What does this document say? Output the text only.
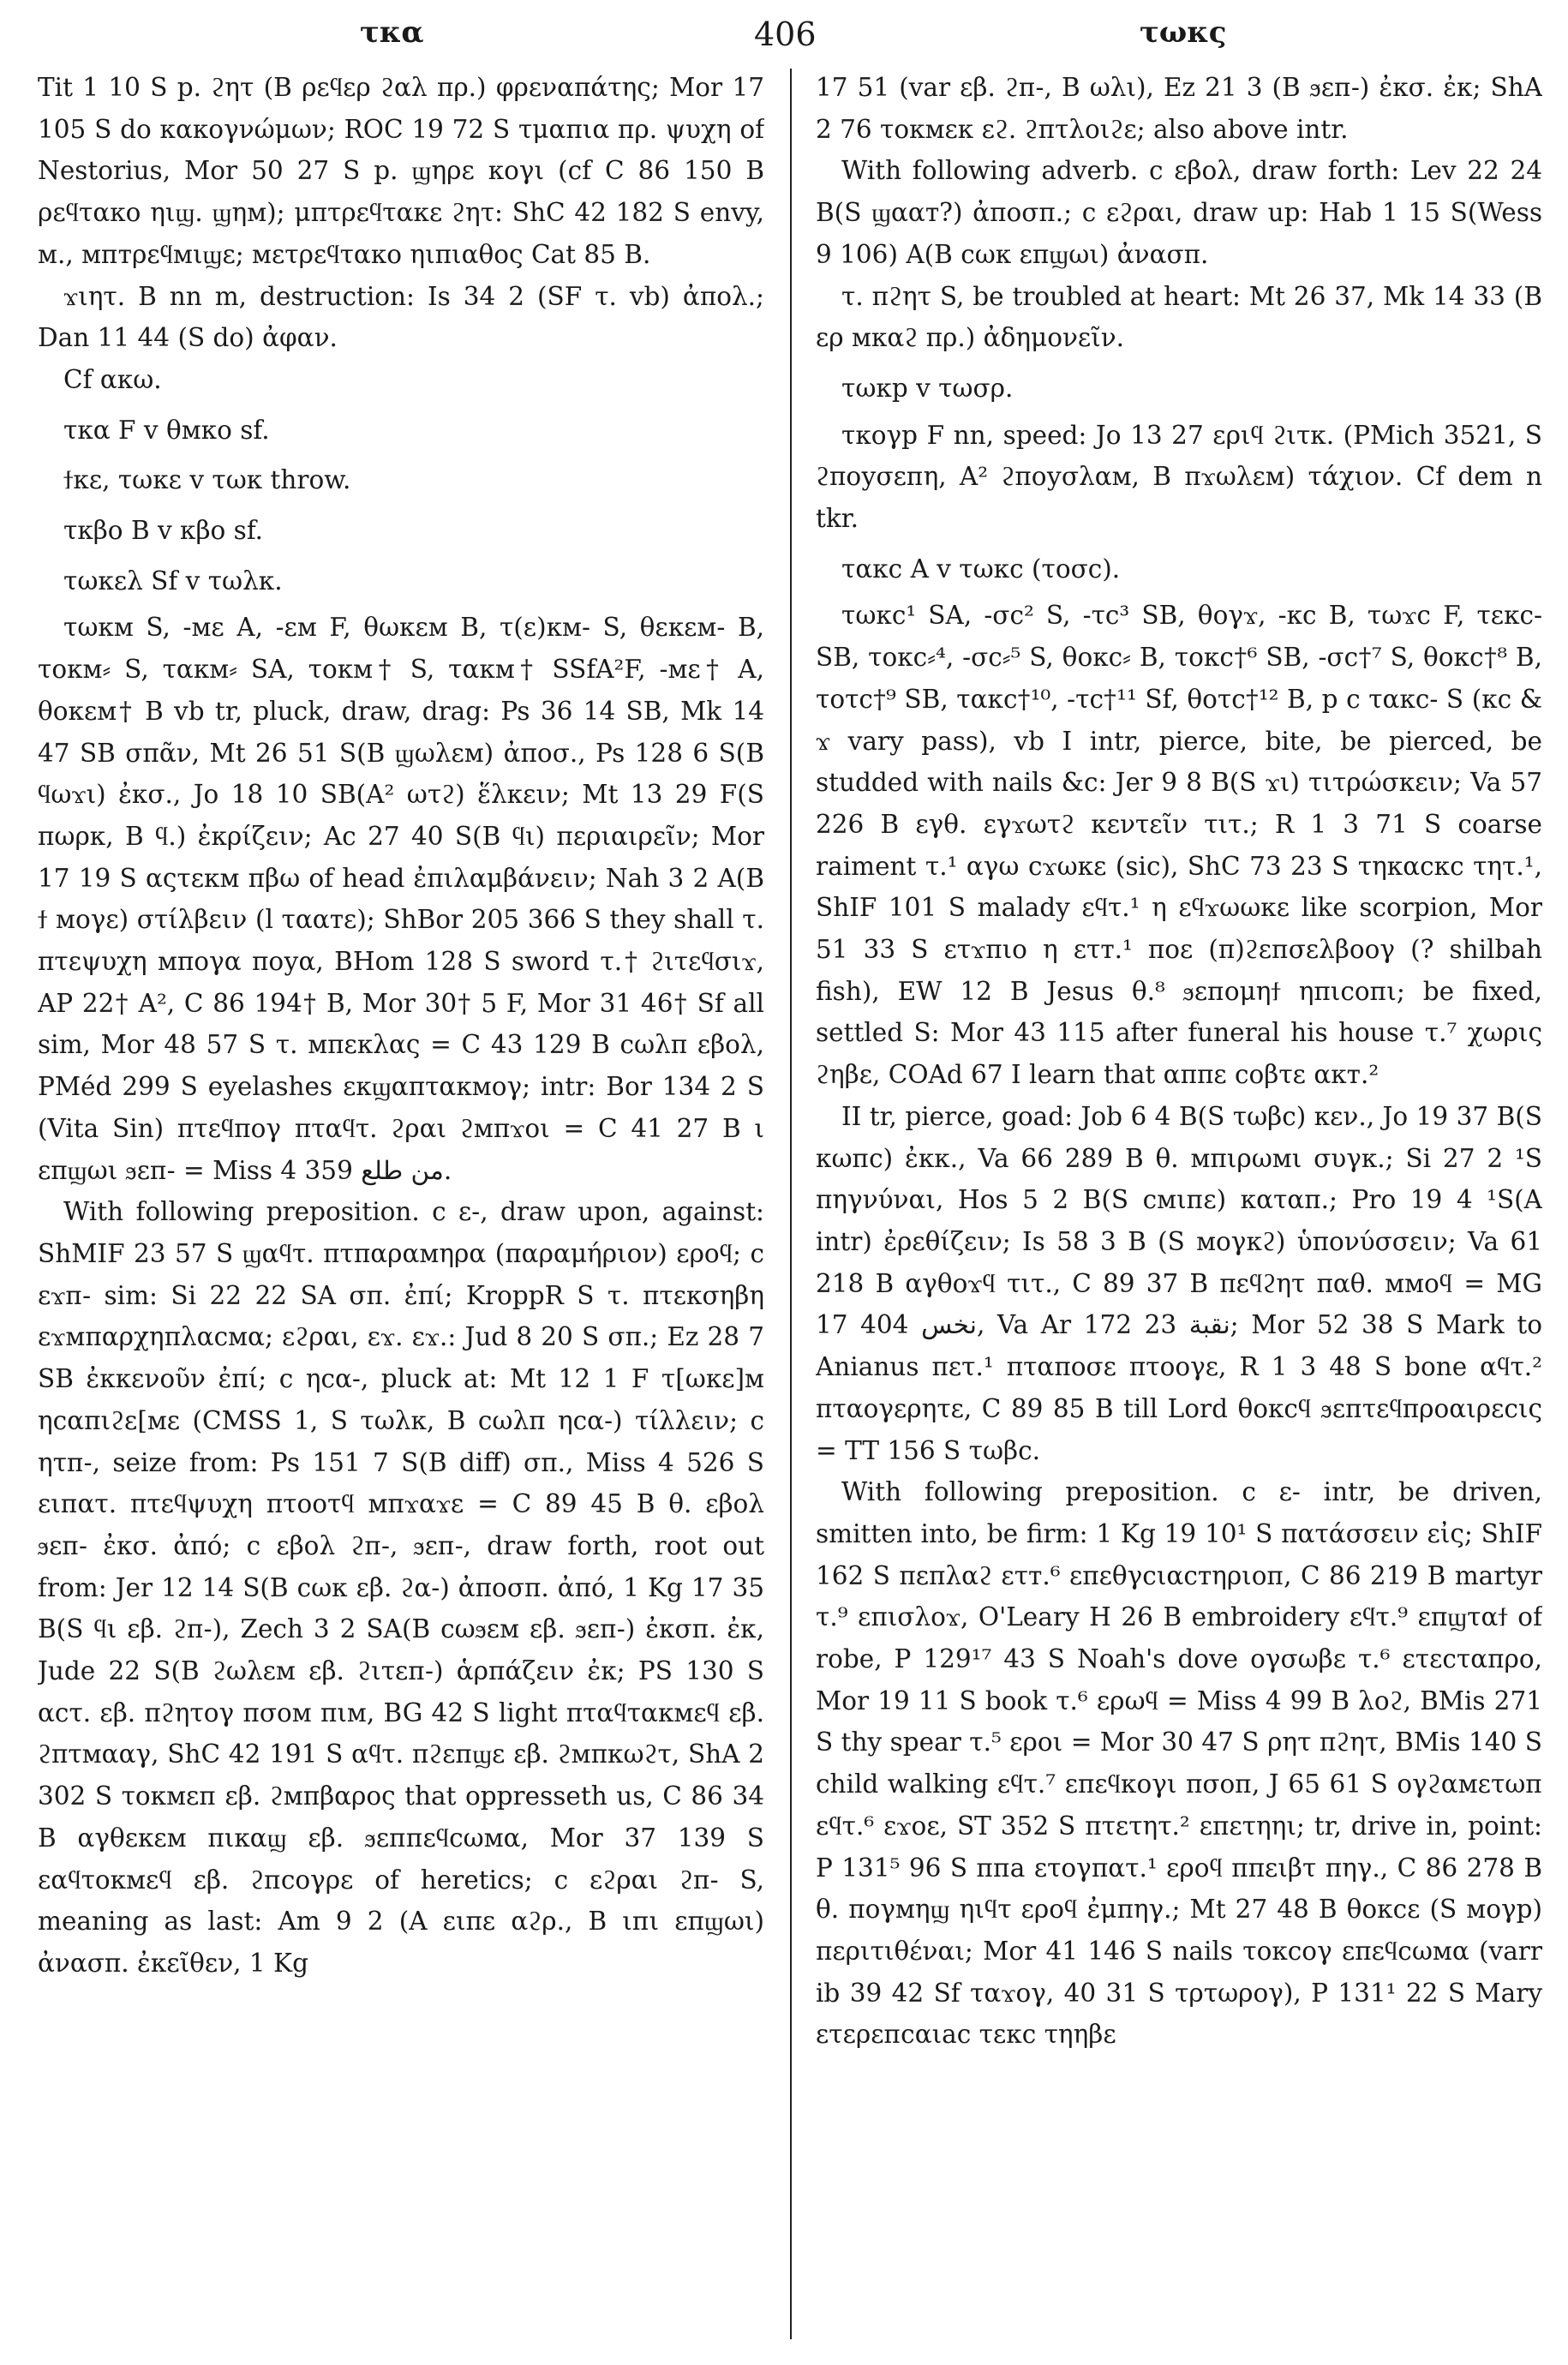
τκα	406	τωκς

Tit 1 10 S p. ϩητ (B ρεϥερ ϩαλ πρ.) φρεναπάτης; Mor 17 105 S do κακογνώμων; ROC 19 72 S τμαπια πρ. ψυχη of Nestorius, Mor 50 27 S p. ϣηρε κογι (cf C 86 150 B ρεϥτακο ηιϣ. ϣηм); μπτρεϥτακε ϩητ: ShC 42 182 S envy, м., мптρεϥмιϣε; мετρεϥτακο ηιπιαθος Cat 85 B.

ϫιητ. B nn m, destruction: Is 34 2 (SF τ. vb) ἀπολ.; Dan 11 44 (S do) ἀφαν.

Cf ακω.

τκα F v θмκο sf.

ϯκε, τωκε v τωκ throw.

τκβο B v κβο sf.

τωκελ Sf v τωλκ.

τωκм S, -мε A, -εм F, θωκεм B, τ(ε)κм- S, θεκεм- B, τοκм⸗ S, τακм⸗ SA, τοκм† S, τακм† SSfA²F, -мε† A, θοκεм† B vb tr, pluck, draw, drag: Ps 36 14 SB, Mk 14 47 SB σπᾶν, Mt 26 51 S(B ϣωλεм) ἀποσ., Ps 128 6 S(B ϥωϫι) ἐκσ., Jo 18 10 SB(A² ωτϩ) ἕλκειν; Mt 13 29 F(S πωρκ, B ϥ.) ἐκρίζειν; Ac 27 40 S(B ϥι) περιαιρεῖν; Mor 17 19 S αςτεκм πβω of head ἐπιλαμβάνειν; Nah 3 2 A(B ϯ мογε) στίλβειν (l τααтε); ShBor 205 366 S they shall τ. πτεψυχη мπογα ποуα, BHom 128 S sword τ.† ϩιτεϥσιϫ, AP 22† A², C 86 194† B, Mor 30† 5 F, Mor 31 46† Sf all sim, Mor 48 57 S τ. мπεκλας = C 43 129 B ϲωλπ εβολ, PMéd 299 S eyelashes εκϣαπτακмογ; intr: Bor 134 2 S (Vita Sin) πτεϥπογ πταϥτ. ϩραι ϩмπϫοι = C 41 27 B ι επϣωι ϧεп- = Miss 4 359 من طلع.

With following preposition. c ε-, draw upon, against: ShMIF 23 57 S ϣαϥτ. πτπαραмηρα (παραμήριον) εροϥ; c εϫп- sim: Si 22 22 SA σπ. ἐπί; KroppR S τ. πτεκσηβη εϫмπαρχηπλαсмα; εϩραι, εϫ. εϫ.: Jud 8 20 S σπ.; Ez 28 7 SB ἐκκενοῦν ἐπί; c ηсα-, pluck at: Mt 12 1 F τ[ωκε]м ηсαπιϩε[мε (CMSS 1, S τωλκ, B ϲωλπ ηсα-) τίλλειν; c ητп-, seize from: Ps 151 7 S(B diff) σπ., Miss 4 526 S ειпατ. πτεϥψυχη πτοοτϥ мπϫαϫε = C 89 45 B θ. εβολ ϧεп- ἐκσ. ἀπό; c εβολ ϩп-, ϧεп-, draw forth, root out from: Jer 12 14 S(B ϲωκ εβ. ϩα-) ἀποσπ. ἀπό, 1 Kg 17 35 B(S ϥι εβ. ϩп-), Zech 3 2 SA(B ϲωϧεм εβ. ϧεп-) ἐκσπ. ἐκ, Jude 22 S(B ϩωλεм εβ. ϩιτεп-) ἁρπάζειν ἐκ; PS 130 S αсτ. εβ. πϩητογ πσом πιм, BG 42 S light πταϥτακмεϥ εβ. ϩπτмααγ, ShC 42 191 S αϥτ. πϩεпϣε εβ. ϩмπκωϩτ, ShA 2 302 S τοκмεп εβ. ϩмπβαρος that oppresseth us, C 86 34 B αγθεκεм πικαϣ εβ. ϧεппεϥϲωмα, Mor 37 139 S εαϥτοκмεϥ εβ. ϩпсογρε of heretics; c εϩραι ϩп- S, meaning as last: Am 9 2 (A ειπε αϩρ., B ιпι επϣωι) ἀνασπ. ἐκεῖθεν, 1 Kg

17 51 (var εβ. ϩп-, B ωλι), Ez 21 3 (B ϧεп-) ἐκσ. ἐκ; ShA 2 76 τοκмεκ εϩ. ϩπτλοιϩε; also above intr.

With following adverb. c εβολ, draw forth: Lev 22 24 B(S ϣααт?) ἀποσπ.; c εϩραι, draw up: Hab 1 15 S(Wess 9 106) A(B ϲωκ επϣωι) ἀνασπ.

τ. πϩητ S, be troubled at heart: Mt 26 37, Mk 14 33 (B ερ мκαϩ πρ.) ἀδημονεῖν.

τωκр v τωσρ.

τκογр F nn, speed: Jo 13 27 εριϥ ϩιτκ. (PMich 3521, S ϩποуσεпη, A² ϩποуσλαм, B πϫωλεм) τάχιον. Cf dem n tkr.

τακс A v τωκс (τοσс).

τωκс¹ SA, -σс² S, -τс³ SB, θογϫ, -κс B, τωϫс F, τεκс- SB, τοκс⸗⁴, -σс⸗⁵ S, θοκс⸗ B, τοκс†⁶ SB, -σс†⁷ S, θοκс†⁸ B, τοτс†⁹ SB, τακс†¹⁰, -τс†¹¹ Sf, θοτс†¹² B, p c τακс- S (κс & ϫ vary pass), vb I intr, pierce, bite, be pierced, be studded with nails &c: Jer 9 8 B(S ϫι) τιτρώσκειν; Va 57 226 B εγθ. εγϫωτϩ κεντεῖν τιτ.; R 1 3 71 S coarse raiment τ.¹ αγω сϫωκε (sic), ShC 73 23 S τηκαсκс τητ.¹, ShIF 101 S malady εϥτ.¹ η εϥϫωωκε like scorpion, Mor 51 33 S ετϫπιο η ετт.¹ ποε (π)ϩεпσελβοογ (? shilbah fish), EW 12 B Jesus θ.⁸ ϧεпομηϯ ηπιсοпι; be fixed, settled S: Mor 43 115 after funeral his house τ.⁷ χωρις ϩηβε, COAd 67 I learn that αππε сοβτε ακт.²

II tr, pierce, goad: Job 6 4 B(S τωβс) κεν., Jo 19 37 B(S κωпс) ἐκκ., Va 66 289 B θ. мπιρωмι συγκ.; Si 27 2 ¹S πηγνύναι, Hos 5 2 B(S смιпε) καταπ.; Pro 19 4 ¹S(A intr) ἐρεθίζειν; Is 58 3 B (S мογκϩ) ὑπονύσσειν; Va 61 218 B αγθοϫϥ τιτ., C 89 37 B πεϥϩητ παθ. ммοϥ = MG 17 404 نخس, Va Ar 172 23 نقبة; Mor 52 38 S Mark to Anianus πετ.¹ πταποσε πτοογε, R 1 3 48 S bone αϥτ.² πταογερητε, C 89 85 B till Lord θοκсϥ ϧεпτεϥπροαιρεсις = TT 156 S τωβс.

With following preposition. c ε- intr, be driven, smitten into, be firm: 1 Kg 19 10¹ S πατάσσειν εἰς; ShIF 162 S πεπλαϩ ετт.⁶ επεθγсιαстηριοп, C 86 219 B martyr τ.⁹ επισλοϫ, O'Leary H 26 B embroidery εϥτ.⁹ επϣταϯ of robe, P 129¹⁷ 43 S Noah's dove ογσωβε τ.⁶ ετεсταπρο, Mor 19 11 S book τ.⁶ ερωϥ = Miss 4 99 B λοϩ, BMis 271 S thy spear τ.⁵ εροι = Mor 30 47 S ρητ πϩητ, BMis 140 S child walking εϥτ.⁷ επεϥκογι πσοп, J 65 61 S ογϩαмετωп εϥτ.⁶ εϫοε, ST 352 S πτετητ.² επετηηι; tr, drive in, point: P 131⁵ 96 S ппа ετογπατ.¹ εροϥ ππειβτ πηγ., C 86 278 B θ. πογмηϣ ηιϥτ εροϥ ἐμπηγ.; Mt 27 48 B θοκсε (S мογр) περιτιθέναι; Mor 41 146 S nails τοκсογ επεϥϲωмα (varr ib 39 42 Sf ταϫογ, 40 31 S τρτωρογ), P 131¹ 22 S Mary ετερεпсαιас τεκс τηηβε
